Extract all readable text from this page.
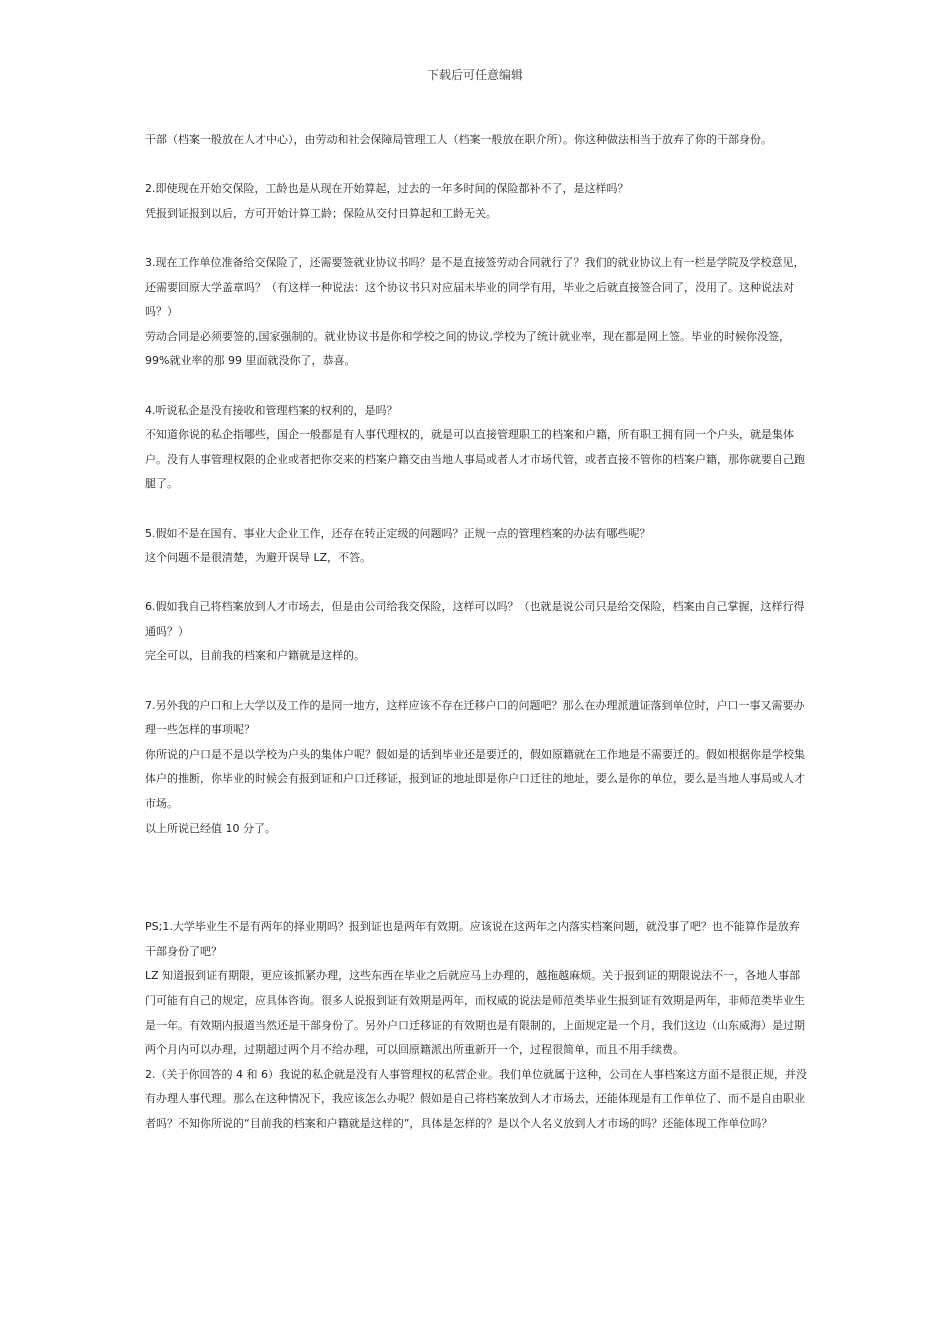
下载后可任意编辑

干部（档案一般放在人才中心），由劳动和社会保障局管理工人（档案一般放在职介所）。你这种做法相当于放弃了你的干部身份。

2.即使现在开始交保险，工龄也是从现在开始算起，过去的一年多时间的保险都补不了，是这样吗？

凭报到证报到以后，方可开始计算工龄；保险从交付日算起和工龄无关。

3.现在工作单位准备给交保险了，还需要签就业协议书吗？是不是直接签劳动合同就行了？我们的就业协议上有一栏是学院及学校意见，还需要回原大学盖章吗？（有这样一种说法：这个协议书只对应届未毕业的同学有用，毕业之后就直接签合同了，没用了。这种说法对吗？）

劳动合同是必须要签的,国家强制的。就业协议书是你和学校之间的协议,学校为了统计就业率，现在都是网上签。毕业的时候你没签，99%就业率的那 99 里面就没你了，恭喜。

4.听说私企是没有接收和管理档案的权利的，是吗？

不知道你说的私企指哪些，国企一般都是有人事代理权的，就是可以直接管理职工的档案和户籍，所有职工拥有同一个户头，就是集体户。没有人事管理权限的企业或者把你交来的档案户籍交由当地人事局或者人才市场代管，或者直接不管你的档案户籍，那你就要自己跑腿了。

5.假如不是在国有、事业大企业工作，还存在转正定级的问题吗？正规一点的管理档案的办法有哪些呢？

这个问题不是很清楚，为避开误导 LZ，不答。

6.假如我自己将档案放到人才市场去，但是由公司给我交保险，这样可以吗？（也就是说公司只是给交保险，档案由自己掌握，这样行得通吗？）

完全可以，目前我的档案和户籍就是这样的。

7.另外我的户口和上大学以及工作的是同一地方，这样应该不存在迁移户口的问题吧？那么在办理派遣证落到单位时，户口一事又需要办理一些怎样的事项呢？

你所说的户口是不是以学校为户头的集体户呢？假如是的话到毕业还是要迁的，假如原籍就在工作地是不需要迁的。假如根据你是学校集体户的推断，你毕业的时候会有报到证和户口迁移证，报到证的地址即是你户口迁往的地址，要么是你的单位，要么是当地人事局或人才市场。

以上所说已经值 10 分了。

PS;1.大学毕业生不是有两年的择业期吗？报到证也是两年有效期。应该说在这两年之内落实档案问题，就没事了吧？也不能算作是放弃干部身份了吧？

LZ 知道报到证有期限，更应该抓紧办理，这些东西在毕业之后就应马上办理的，越拖越麻烦。关于报到证的期限说法不一，各地人事部门可能有自己的规定，应具体咨询。很多人说报到证有效期是两年，而权威的说法是师范类毕业生报到证有效期是两年，非师范类毕业生是一年。有效期内报道当然还是干部身份了。另外户口迁移证的有效期也是有限制的，上面规定是一个月，我们这边（山东威海）是过期两个月内可以办理，过期超过两个月不给办理，可以回原籍派出所重新开一个，过程很简单，而且不用手续费。

2.（关于你回答的 4 和 6）我说的私企就是没有人事管理权的私营企业。我们单位就属于这种，公司在人事档案这方面不是很正规，并没有办理人事代理。那么在这种情况下，我应该怎么办呢？假如是自己将档案放到人才市场去，还能体现是有工作单位了、而不是自由职业者吗？不知你所说的“目前我的档案和户籍就是这样的”，具体是怎样的？是以个人名义放到人才市场的吗？还能体现工作单位吗？
